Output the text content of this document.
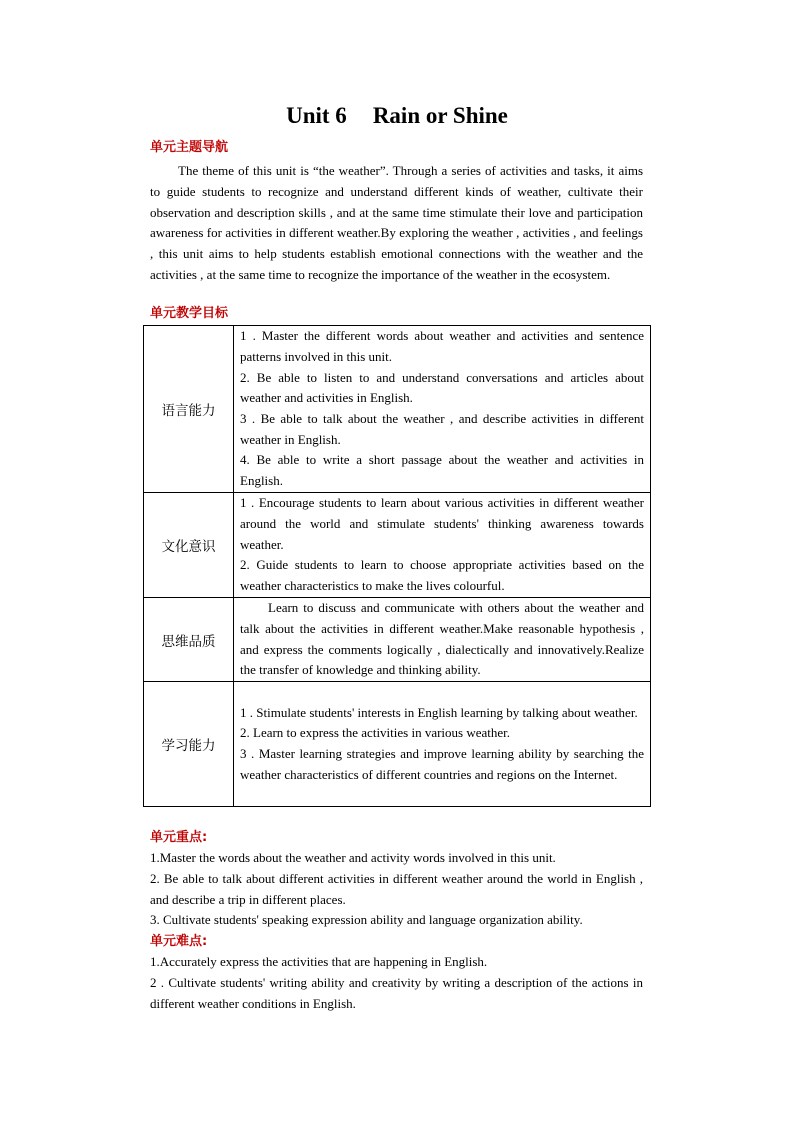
Unit 6 Rain or Shine
单元主题导航
The theme of this unit is “the weather”. Through a series of activities and tasks, it aims to guide students to recognize and understand different kinds of weather, cultivate their observation and description skills , and at the same time stimulate their love and participation awareness for activities in different weather.By exploring the weather , activities , and feelings , this unit aims to help students establish emotional connections with the weather and the activities , at the same time to recognize the importance of the weather in the ecosystem.
单元教学目标
语言能力	1 . Master the different words about weather and activities and sentence patterns involved in this unit.

2. Be able to listen to and understand conversations and articles about weather and activities in English.

3 . Be able to talk about the weather , and describe activities in different weather in English.

4. Be able to write a short passage about the weather and activities in English.

文化意识	1 . Encourage students to learn about various activities in different weather around the world and stimulate students' thinking awareness towards weather.

2. Guide students to learn to choose appropriate activities based on the weather characteristics to make the lives colourful.

思维品质	Learn to discuss and communicate with others about the weather and talk about the activities in different weather.Make reasonable hypothesis , and express the comments logically , dialectically and innovatively.Realize the transfer of knowledge and thinking ability.

学习能力	1 . Stimulate students' interests in English learning by talking about weather.

2. Learn to express the activities in various weather.

3 . Master learning strategies and improve learning ability by searching the weather characteristics of different countries and regions on the Internet.

单元重点:

1.Master the words about the weather and activity words involved in this unit.

2. Be able to talk about different activities in different weather around the world in English , and describe a trip in different places.

3. Cultivate students' speaking expression ability and language organization ability.

单元难点:

1.Accurately express the activities that are happening in English.

2 . Cultivate students' writing ability and creativity by writing a description of the actions in different weather conditions in English.
